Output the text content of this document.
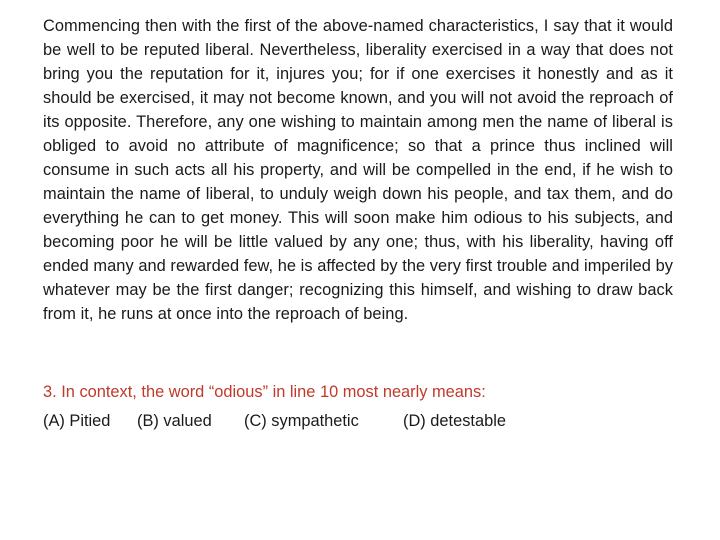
Commencing then with the first of the above-named characteristics, I say that it would be well to be reputed liberal. Nevertheless, liberality exercised in a way that does not bring you the reputation for it, injures you; for if one exercises it honestly and as it should be exercised, it may not become known, and you will not avoid the reproach of its opposite. Therefore, any one wishing to maintain among men the name of liberal is obliged to avoid no attribute of magnificence; so that a prince thus inclined will consume in such acts all his property, and will be compelled in the end, if he wish to maintain the name of liberal, to unduly weigh down his people, and tax them, and do everything he can to get money. This will soon make him odious to his subjects, and becoming poor he will be little valued by any one; thus, with his liberality, having off ended many and rewarded few, he is affected by the very first trouble and imperiled by whatever may be the first danger; recognizing this himself, and wishing to draw back from it, he runs at once into the reproach of being.

3. In context, the word “odious” in line 10 most nearly means:

(A) Pitied (B) valued (C) sympathetic	(D) detestable
